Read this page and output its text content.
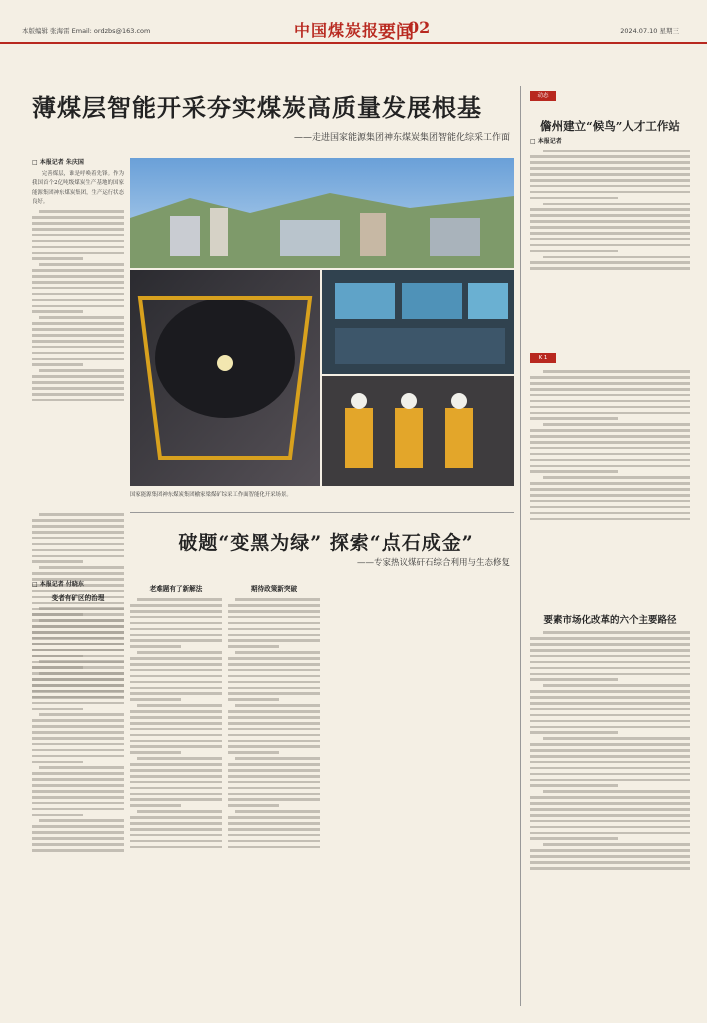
本版编辑 张海雷 Email: ordzbs@163.com	中国煤炭报
要闻
02	2024.07.10 星期三
薄煤层智能开采夯实煤炭高质量发展根基
——走进国家能源集团神东煤炭集团智能化综采工作面
□ 本报记者 朱庆国

完善煤层，谁是呼唤着先锋。作为我国首个2亿吨级煤炭生产基地的国家能源集团神东煤炭集团，生产运行状态良好。

国家能源集团神东煤炭集团榆家梁煤矿综采工作面智能化开采场景。
破题“变黑为绿” 探索“点石成金”
——专家热议煤矸石综合利用与生态修复
□ 本报记者 付晓东
变者有矿区的治理
老难题有了新解法	期待政策新突破
动态
儋州建立“候鸟”人才工作站
□ 本报记者
K 1
要素市场化改革的六个主要路径
